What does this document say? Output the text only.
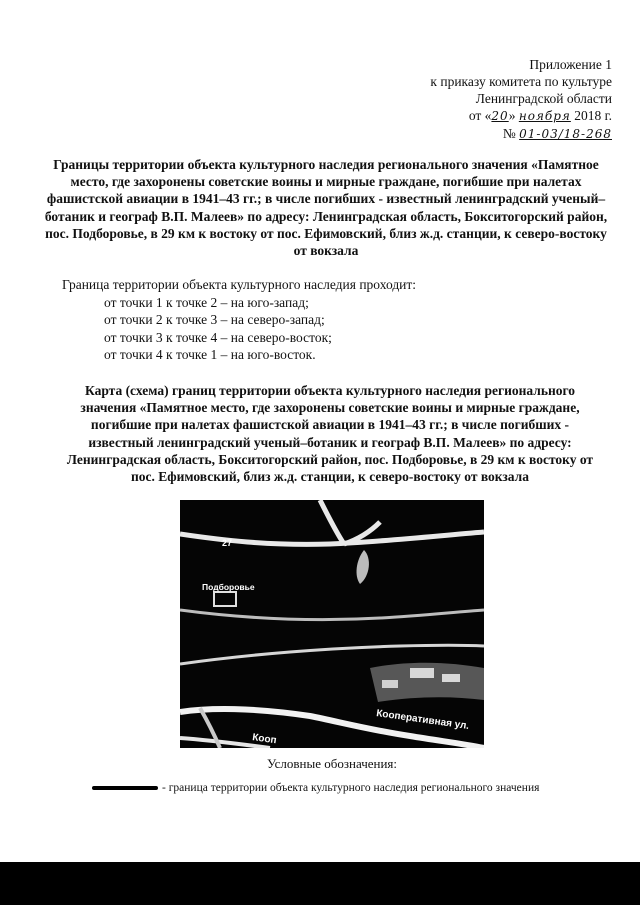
Приложение 1
к приказу комитета по культуре
Ленинградской области
от «20» ноября 2018 г.
№ 01-03/18-268
Границы территории объекта культурного наследия регионального значения «Памятное место, где захоронены советские воины и мирные граждане, погибшие при налетах фашистской авиации в 1941–43 гг.; в числе погибших - известный ленинградский ученый–ботаник и географ В.П. Малеев» по адресу: Ленинградская область, Бокситогорский район, пос. Подборовье, в 29 км к востоку от пос. Ефимовский, близ ж.д. станции, к северо-востоку от вокзала
Граница территории объекта культурного наследия проходит:
от точки 1 к точке 2 – на юго-запад;
от точки 2 к точке 3 – на северо-запад;
от точки 3 к точке 4 – на северо-восток;
от точки 4 к точке 1 – на юго-восток.
Карта (схема) границ территории объекта культурного наследия регионального значения «Памятное место, где захоронены советские воины и мирные граждане, погибшие при налетах фашистской авиации в 1941–43 гг.; в числе погибших - известный ленинградский ученый–ботаник и географ В.П. Малеев» по адресу: Ленинградская область, Бокситогорский район, пос. Подборовье, в 29 км к востоку от пос. Ефимовский, близ ж.д. станции, к северо-востоку от вокзала
27
Подборовье
Кооперативная ул.
Кооп
Условные обозначения:
- граница территории объекта культурного наследия регионального значения
